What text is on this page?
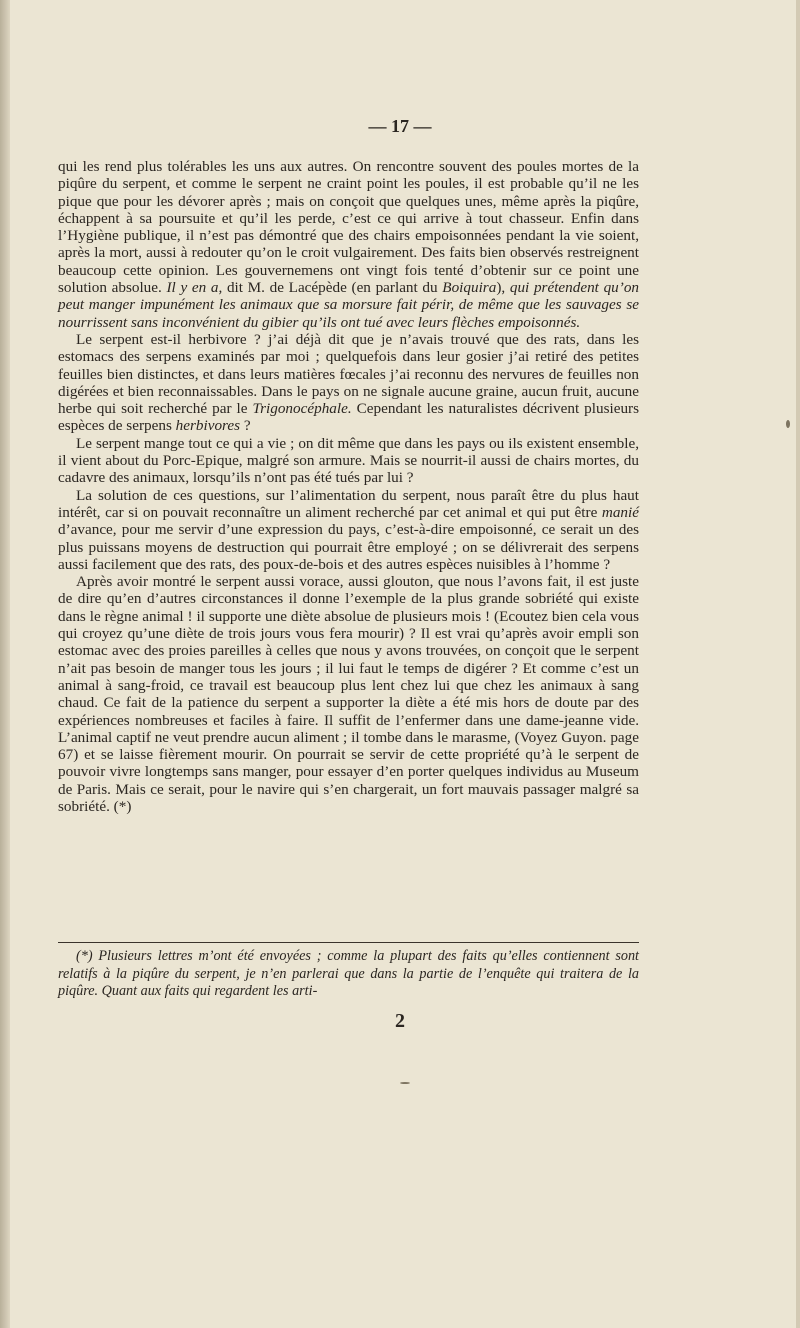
— 17 —

qui les rend plus tolérables les uns aux autres. On rencontre souvent des poules mortes de la piqûre du serpent, et comme le serpent ne craint point les poules, il est probable qu’il ne les pique que pour les dévorer après ; mais on conçoit que quelques unes, même après la piqûre, échappent à sa poursuite et qu’il les perde, c’est ce qui arrive à tout chasseur. Enfin dans l’Hygiène publique, il n’est pas démontré que des chairs empoisonnées pendant la vie soient, après la mort, aussi à redouter qu’on le croit vulgairement. Des faits bien observés restreignent beaucoup cette opinion. Les gouvernemens ont vingt fois tenté d’obtenir sur ce point une solution absolue. Il y en a, dit M. de Lacépède (en parlant du Boiquira), qui prétendent qu’on peut manger impunément les animaux que sa morsure fait périr, de même que les sauvages se nourrissent sans inconvénient du gibier qu’ils ont tué avec leurs flèches empoisonnés.

Le serpent est-il herbivore ? j’ai déjà dit que je n’avais trouvé que des rats, dans les estomacs des serpens examinés par moi ; quelquefois dans leur gosier j’ai retiré des petites feuilles bien distinctes, et dans leurs matières fœcales j’ai reconnu des nervures de feuilles non digérées et bien reconnaissables. Dans le pays on ne signale aucune graine, aucun fruit, aucune herbe qui soit recherché par le Trigonocéphale. Cependant les naturalistes décrivent plusieurs espèces de serpens herbivores ?

Le serpent mange tout ce qui a vie ; on dit même que dans les pays ou ils existent ensemble, il vient about du Porc-Epique, malgré son armure. Mais se nourrit-il aussi de chairs mortes, du cadavre des animaux, lorsqu’ils n’ont pas été tués par lui ?

La solution de ces questions, sur l’alimentation du serpent, nous paraît être du plus haut intérêt, car si on pouvait reconnaître un aliment recherché par cet animal et qui put être manié d’avance, pour me servir d’une expression du pays, c’est-à-dire empoisonné, ce serait un des plus puissans moyens de destruction qui pourrait être employé ; on se délivrerait des serpens aussi facilement que des rats, des poux-de-bois et des autres espèces nuisibles à l’homme ?

Après avoir montré le serpent aussi vorace, aussi glouton, que nous l’avons fait, il est juste de dire qu’en d’autres circonstances il donne l’exemple de la plus grande sobriété qui existe dans le règne animal ! il supporte une diète absolue de plusieurs mois ! (Ecoutez bien cela vous qui croyez qu’une diète de trois jours vous fera mourir) ? Il est vrai qu’après avoir empli son estomac avec des proies pareilles à celles que nous y avons trouvées, on conçoit que le serpent n’ait pas besoin de manger tous les jours ; il lui faut le temps de digérer ? Et comme c’est un animal à sang-froid, ce travail est beaucoup plus lent chez lui que chez les animaux à sang chaud. Ce fait de la patience du serpent a supporter la diète a été mis hors de doute par des expériences nombreuses et faciles à faire. Il suffit de l’enfermer dans une dame-jeanne vide. L’animal captif ne veut prendre aucun aliment ; il tombe dans le marasme, (Voyez Guyon. page 67) et se laisse fièrement mourir. On pourrait se servir de cette propriété qu’à le serpent de pouvoir vivre longtemps sans manger, pour essayer d’en porter quelques individus au Museum de Paris. Mais ce serait, pour le navire qui s’en chargerait, un fort mauvais passager malgré sa sobriété. (*)

(*) Plusieurs lettres m’ont été envoyées ; comme la plupart des faits qu’elles contiennent sont relatifs à la piqûre du serpent, je n’en parlerai que dans la partie de l’enquête qui traitera de la piqûre. Quant aux faits qui regardent les arti-

2
